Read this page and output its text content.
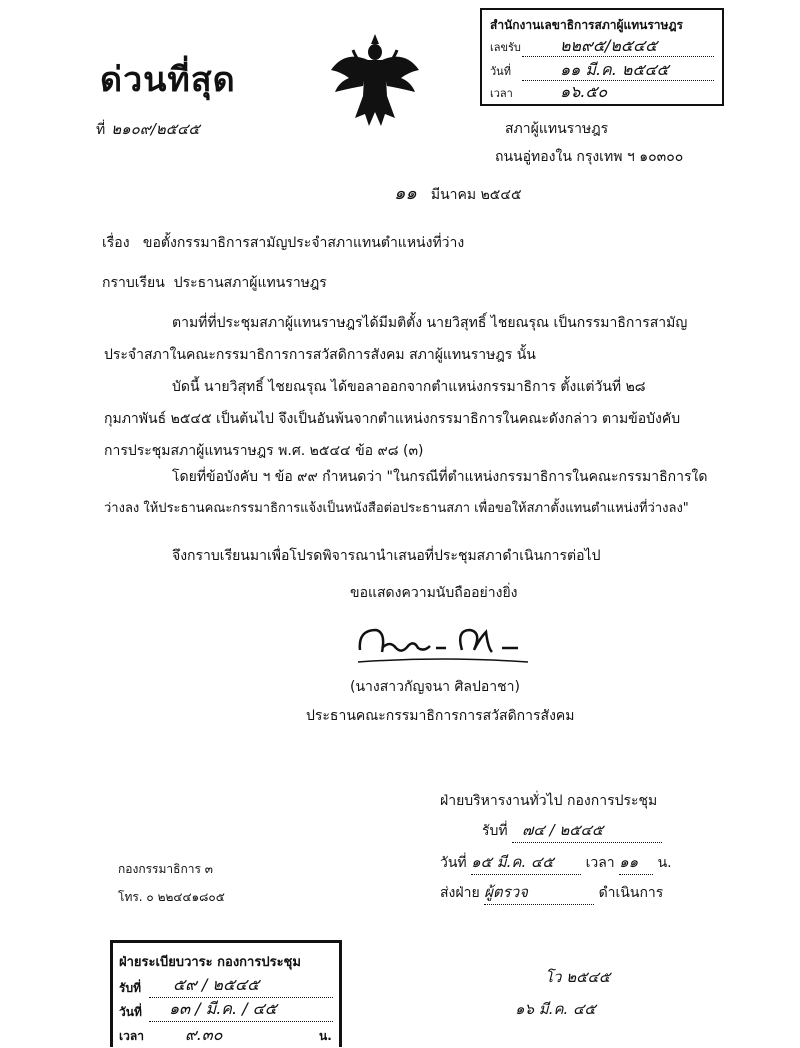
ด่วนที่สุด
ที่ ๒๑๐๙/๒๕๔๕
สำนักงานเลขาธิการสภาผู้แทนราษฎร
เลขรับ ๒๒๙๕/๒๕๔๕
วันที่	๑๑ มี.ค. ๒๕๔๕
เวลา	๑๖.๕๐
สภาผู้แทนราษฎร
ถนนอู่ทองใน กรุงเทพ ฯ ๑๐๓๐๐
๑๑ มีนาคม ๒๕๔๕
เรื่อง ขอตั้งกรรมาธิการสามัญประจำสภาแทนตำแหน่งที่ว่าง
กราบเรียน ประธานสภาผู้แทนราษฎร
ตามที่ที่ประชุมสภาผู้แทนราษฎรได้มีมติตั้ง นายวิสุทธิ์ ไชยณรุณ เป็นกรรมาธิการสามัญ
ประจำสภาในคณะกรรมาธิการการสวัสดิการสังคม สภาผู้แทนราษฎร นั้น
บัดนี้ นายวิสุทธิ์ ไชยณรุณ ได้ขอลาออกจากตำแหน่งกรรมาธิการ ตั้งแต่วันที่ ๒๘
กุมภาพันธ์ ๒๕๔๕ เป็นต้นไป จึงเป็นอันพ้นจากตำแหน่งกรรมาธิการในคณะดังกล่าว ตามข้อบังคับ
การประชุมสภาผู้แทนราษฎร พ.ศ. ๒๕๔๔ ข้อ ๙๘ (๓)
โดยที่ข้อบังคับ ฯ ข้อ ๙๙ กำหนดว่า "ในกรณีที่ตำแหน่งกรรมาธิการในคณะกรรมาธิการใด
ว่างลง ให้ประธานคณะกรรมาธิการแจ้งเป็นหนังสือต่อประธานสภา เพื่อขอให้สภาตั้งแทนตำแหน่งที่ว่างลง"
จึงกราบเรียนมาเพื่อโปรดพิจารณานำเสนอที่ประชุมสภาดำเนินการต่อไป
ขอแสดงความนับถืออย่างยิ่ง
(นางสาวกัญจนา ศิลปอาชา)
ประธานคณะกรรมาธิการการสวัสดิการสังคม
ฝ่ายบริหารงานทั่วไป กองการประชุม
รับที่ ๗๔ / ๒๕๔๕
วันที่ ๑๕ มี.ค. ๔๕ เวลา ๑๑ น.
ส่งฝ่าย ผู้ตรวจ	ดำเนินการ
กองกรรมาธิการ ๓
โทร. ๐ ๒๒๔๔๑๘๐๕
ฝ่ายระเบียบวาระ กองการประชุม
รับที่ ๕๙ / ๒๕๔๕
วันที่ ๑๓ / มี.ค. / ๔๕
เวลา	๙.๓๐	น.
โว ๒๕๔๕
๑๖ มี.ค. ๔๕
